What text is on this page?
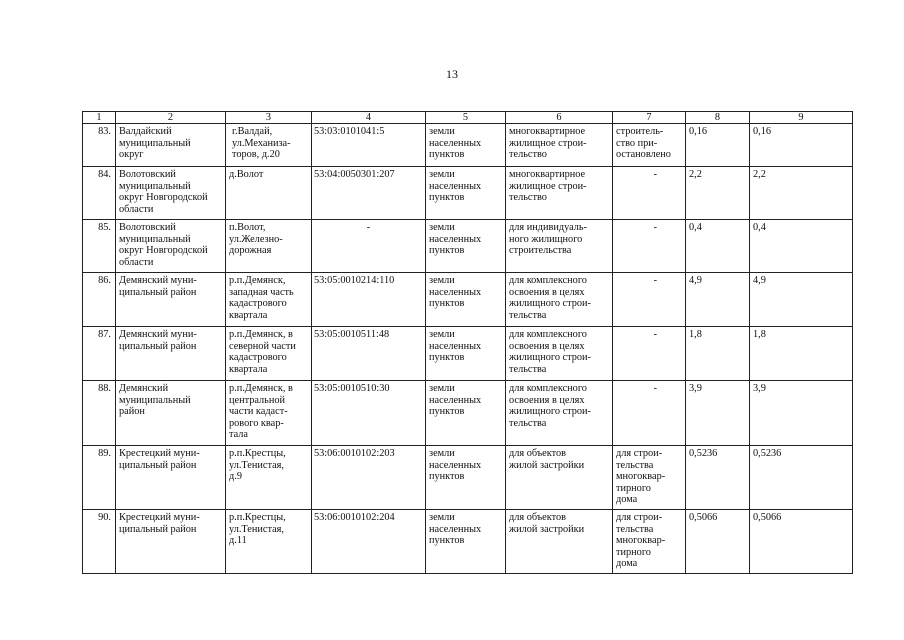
13
1	2	3	4	5	6	7	8	9
83.	Валдайский
муниципальный
округ	г.Валдай,
ул.Механиза-
торов, д.20	53:03:0101041:5	земли
населенных
пунктов	многоквартирное
жилищное строи-
тельство	строитель-
ство при-
остановлено	0,16	0,16
84.	Волотовский
муниципальный
округ Новгородской
области	д.Волот	53:04:0050301:207	земли
населенных
пунктов	многоквартирное
жилищное строи-
тельство	-	2,2	2,2
85.	Волотовский
муниципальный
округ Новгородской
области	п.Волот,
ул.Железно-
дорожная	-	земли
населенных
пунктов	для индивидуаль-
ного жилищного
строительства	-	0,4	0,4
86.	Демянский муни-
ципальный район	р.п.Демянск,
западная часть
кадастрового
квартала	53:05:0010214:110	земли
населенных
пунктов	для комплексного
освоения в целях
жилищного строи-
тельства	-	4,9	4,9
87.	Демянский муни-
ципальный район	р.п.Демянск, в
северной части
кадастрового
квартала	53:05:0010511:48	земли
населенных
пунктов	для комплексного
освоения в целях
жилищного строи-
тельства	-	1,8	1,8
88.	Демянский
муниципальный
район	р.п.Демянск, в
центральной
части кадаст-
рового квар-
тала	53:05:0010510:30	земли
населенных
пунктов	для комплексного
освоения в целях
жилищного строи-
тельства	-	3,9	3,9
89.	Крестецкий муни-
ципальный район	р.п.Крестцы,
ул.Тенистая,
д.9	53:06:0010102:203	земли
населенных
пунктов	для объектов
жилой застройки	для строи-
тельства
многоквар-
тирного
дома	0,5236	0,5236
90.	Крестецкий муни-
ципальный район	р.п.Крестцы,
ул.Тенистая,
д.11	53:06:0010102:204	земли
населенных
пунктов	для объектов
жилой застройки	для строи-
тельства
многоквар-
тирного
дома	0,5066	0,5066
